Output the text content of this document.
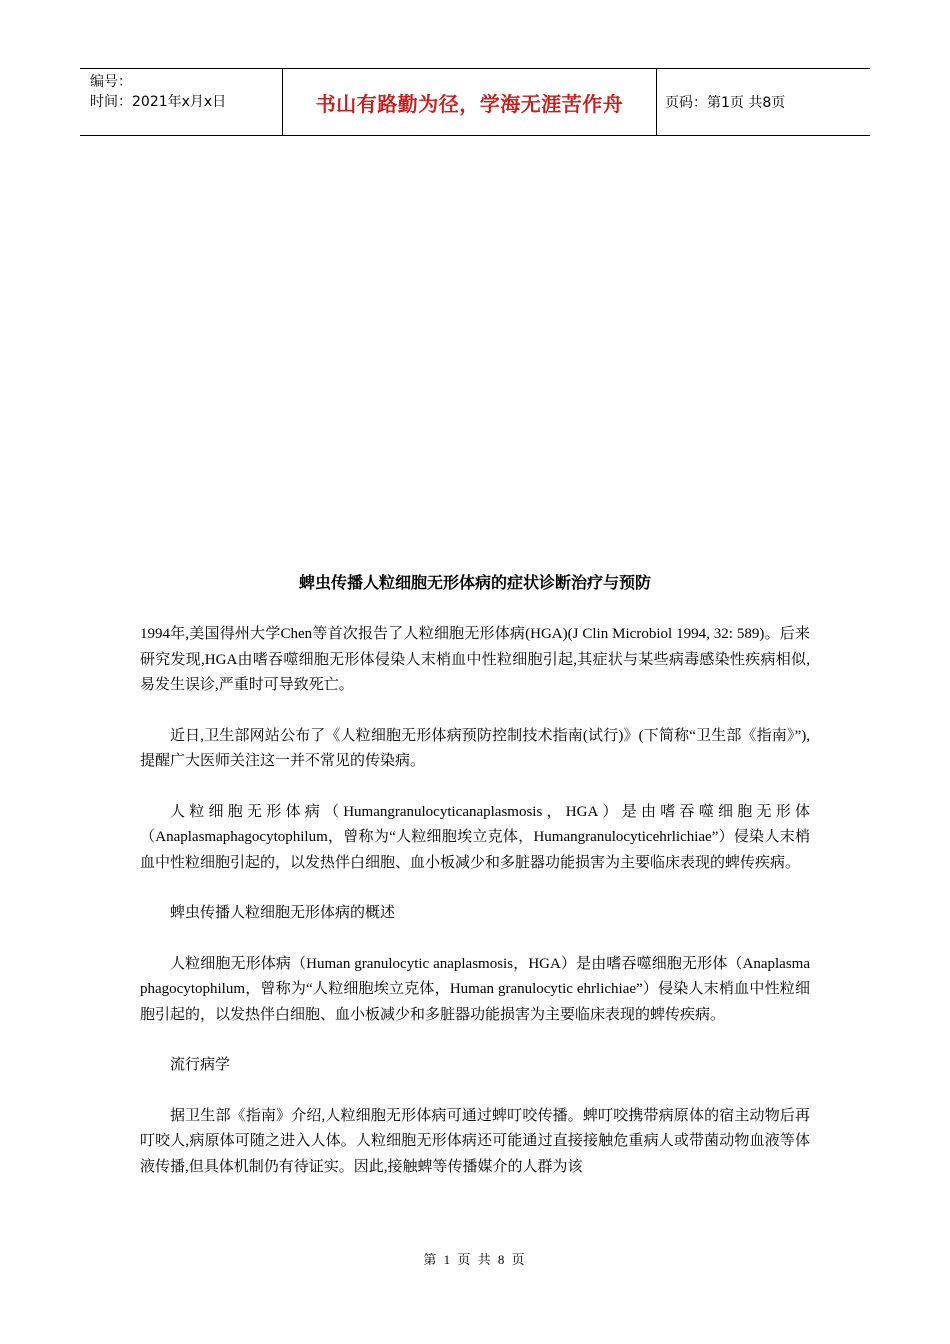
编号：
时间：2021年x月x日	书山有路勤为径，学海无涯苦作舟	页码：第1页 共8页
蜱虫传播人粒细胞无形体病的症状诊断治疗与预防

1994年,美国得州大学Chen等首次报告了人粒细胞无形体病(HGA)(J Clin Microbiol 1994, 32: 589)。后来研究发现,HGA由嗜吞噬细胞无形体侵染人末梢血中性粒细胞引起,其症状与某些病毒感染性疾病相似,易发生误诊,严重时可导致死亡。

近日,卫生部网站公布了《人粒细胞无形体病预防控制技术指南(试行)》(下简称“卫生部《指南》”),提醒广大医师关注这一并不常见的传染病。

人粒细胞无形体病（Humangranulocyticanaplasmosis，HGA）是由嗜吞噬细胞无形体（Anaplasmaphagocytophilum，曾称为“人粒细胞埃立克体，Humangranulocyticehrlichiae”）侵染人末梢血中性粒细胞引起的，以发热伴白细胞、血小板减少和多脏器功能损害为主要临床表现的蜱传疾病。

蜱虫传播人粒细胞无形体病的概述

人粒细胞无形体病（Human granulocytic anaplasmosis，HGA）是由嗜吞噬细胞无形体（Anaplasma phagocytophilum，曾称为“人粒细胞埃立克体，Human granulocytic ehrlichiae”）侵染人末梢血中性粒细胞引起的，以发热伴白细胞、血小板减少和多脏器功能损害为主要临床表现的蜱传疾病。

流行病学

据卫生部《指南》介绍,人粒细胞无形体病可通过蜱叮咬传播。蜱叮咬携带病原体的宿主动物后再叮咬人,病原体可随之进入人体。人粒细胞无形体病还可能通过直接接触危重病人或带菌动物血液等体液传播,但具体机制仍有待证实。因此,接触蜱等传播媒介的人群为该

第 1 页 共 8 页
